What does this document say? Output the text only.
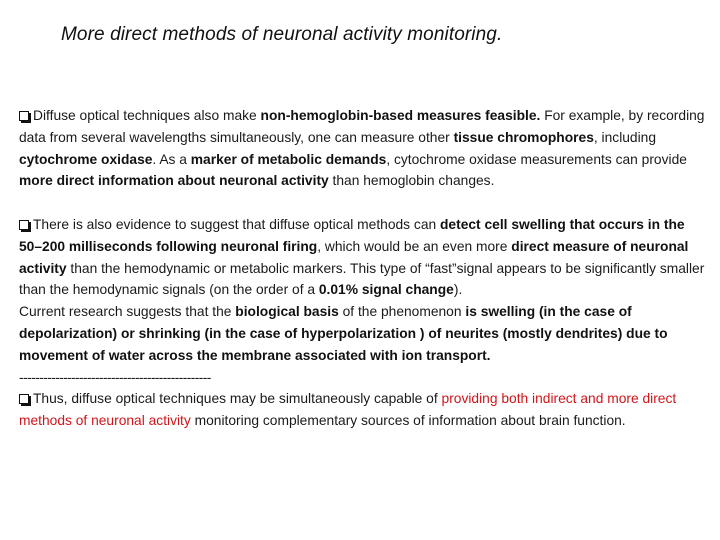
More direct methods of neuronal activity monitoring.

Diffuse optical techniques also make non-hemoglobin-based measures feasible. For example, by recording data from several wavelengths simultaneously, one can measure other tissue chromophores, including cytochrome oxidase. As a marker of metabolic demands, cytochrome oxidase measurements can provide more direct information about neuronal activity than hemoglobin changes.

There is also evidence to suggest that diffuse optical methods can detect cell swelling that occurs in the 50–200 milliseconds following neuronal firing, which would be an even more direct measure of neuronal activity than the hemodynamic or metabolic markers. This type of “fast”signal appears to be significantly smaller than the hemodynamic signals (on the order of a 0.01% signal change).

Current research suggests that the biological basis of the phenomenon is swelling (in the case of depolarization) or shrinking (in the case of hyperpolarization ) of neurites (mostly dendrites) due to movement of water across the membrane associated with ion transport.

------------------------------------------------

Thus, diffuse optical techniques may be simultaneously capable of providing both indirect and more direct methods of neuronal activity monitoring complementary sources of information about brain function.
